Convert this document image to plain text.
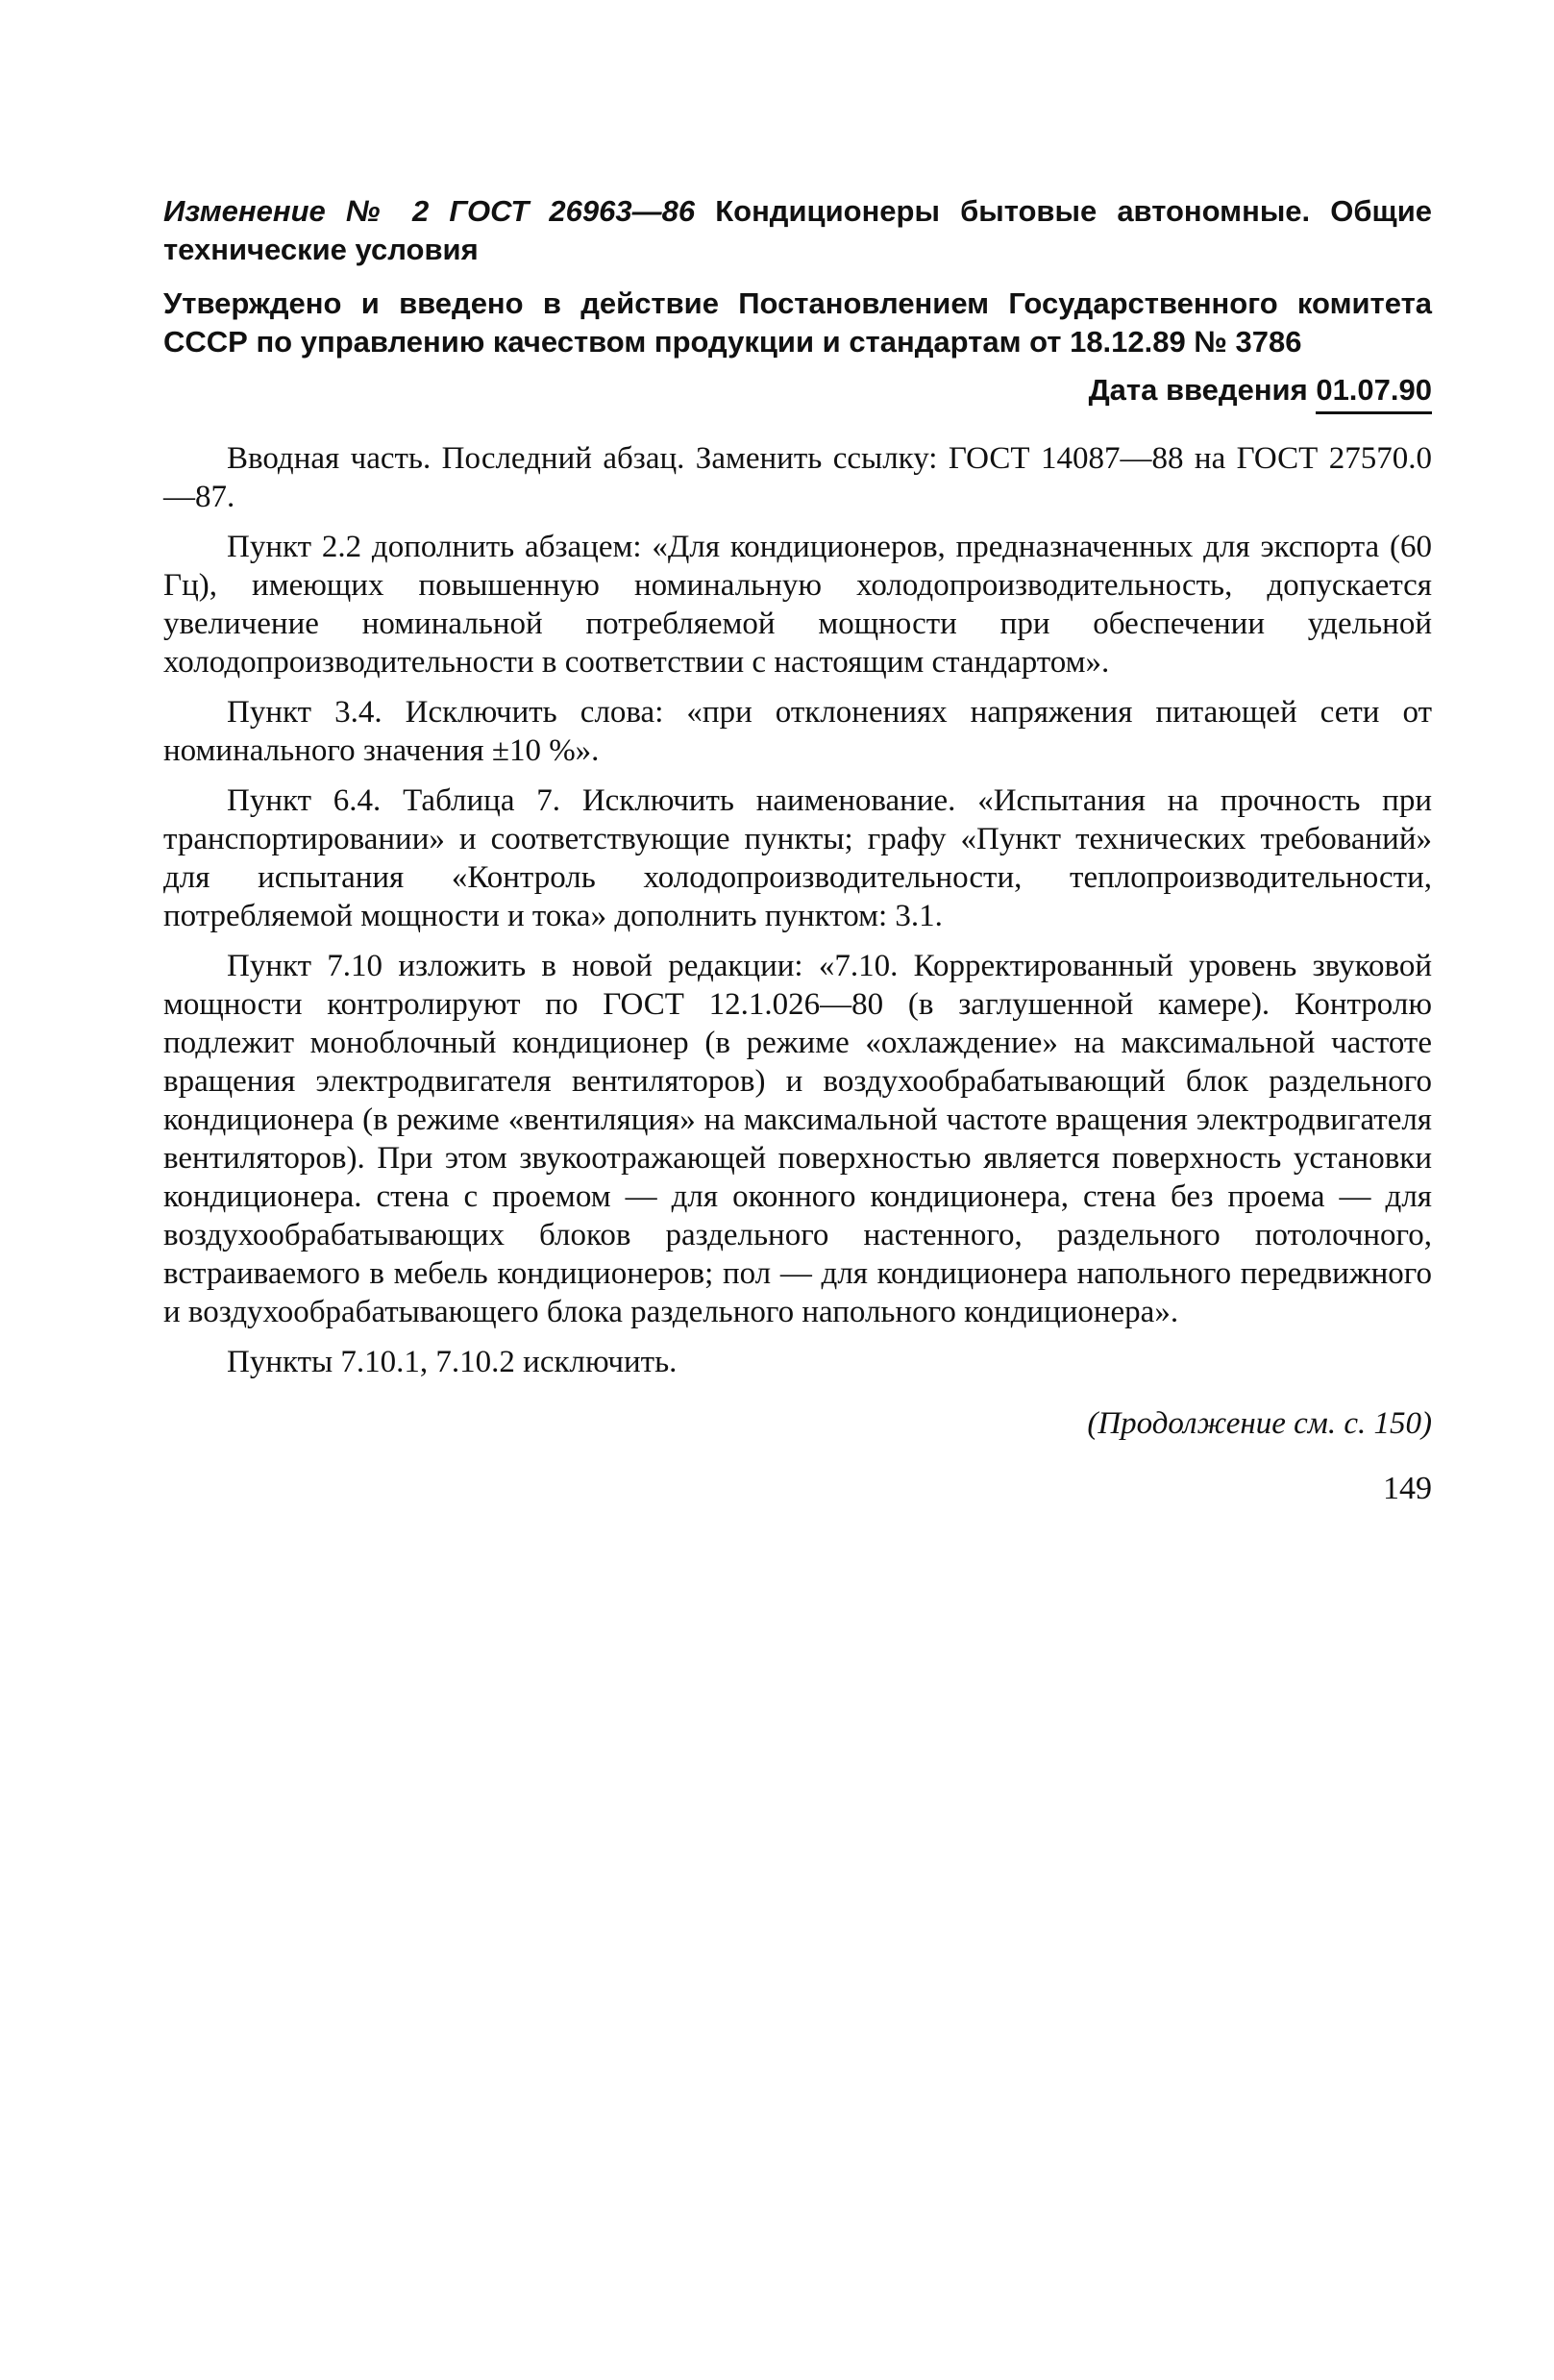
Изменение № 2 ГОСТ 26963—86 Кондиционеры бытовые автономные. Общие технические условия

Утверждено и введено в действие Постановлением Государственного комитета СССР по управлению качеством продукции и стандартам от 18.12.89 № 3786

Дата введения 01.07.90

Вводная часть. Последний абзац. Заменить ссылку: ГОСТ 14087—88 на ГОСТ 27570.0—87.

Пункт 2.2 дополнить абзацем: «Для кондиционеров, предназначенных для экспорта (60 Гц), имеющих повышенную номинальную холодопроизводительность, допускается увеличение номинальной потребляемой мощности при обеспечении удельной холодопроизводительности в соответствии с настоящим стандартом».

Пункт 3.4. Исключить слова: «при отклонениях напряжения питающей сети от номинального значения ±10 %».

Пункт 6.4. Таблица 7. Исключить наименование. «Испытания на прочность при транспортировании» и соответствующие пункты; графу «Пункт технических требований» для испытания «Контроль холодопроизводительности, теплопроизводительности, потребляемой мощности и тока» дополнить пунктом: 3.1.

Пункт 7.10 изложить в новой редакции: «7.10. Корректированный уровень звуковой мощности контролируют по ГОСТ 12.1.026—80 (в заглушенной камере). Контролю подлежит моноблочный кондиционер (в режиме «охлаждение» на максимальной частоте вращения электродвигателя вентиляторов) и воздухообрабатывающий блок раздельного кондиционера (в режиме «вентиляция» на максимальной частоте вращения электродвигателя вентиляторов). При этом звукоотражающей поверхностью является поверхность установки кондиционера. стена с проемом — для оконного кондиционера, стена без проема — для воздухообрабатывающих блоков раздельного настенного, раздельного потолочного, встраиваемого в мебель кондиционеров; пол — для кондиционера напольного передвижного и воздухообрабатывающего блока раздельного напольного кондиционера».

Пункты 7.10.1, 7.10.2 исключить.

(Продолжение см. с. 150)
149
